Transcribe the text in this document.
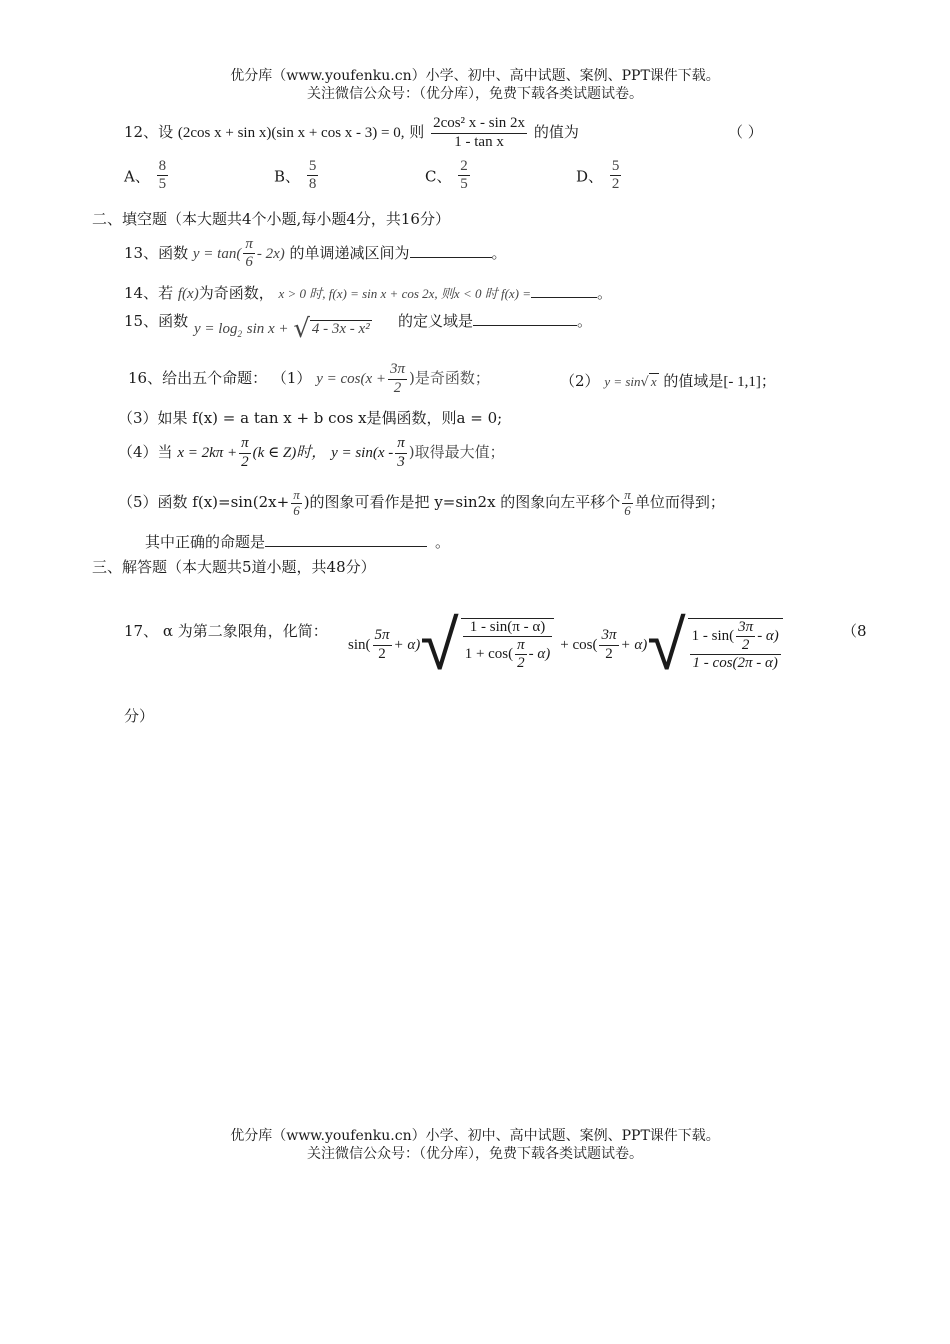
优分库（www.youfenku.cn）小学、初中、高中试题、案例、PPT课件下载。
关注微信公众号：（优分库），免费下载各类试题试卷。
12、设 (2cos x + sin x)(sin x + cos x - 3) = 0, 则 $\frac{\text{2cos² x - sin 2x}}{\text{1 - tan x}}$ 的值为	（ ）
A、 $\frac{8}{5}$	B、 $\frac{5}{8}$	C、 $\frac{2}{5}$	D、 $\frac{5}{2}$
二、填空题（本大题共4个小题,每小题4分，共16分）
13、函数 $y = \tan( \frac{\pi}{6} - 2x)$ 的单调递减区间为	。
14、若 f(x)为奇函数， x > 0 时, f(x) = sin x + cos 2x, 则x < 0 时 f(x) =	。
15、函数 $y = \log_2 \sin x$ + √ 4 - 3x - x² 的定义域是	。
16、给出五个命题： （1） $y = \cos(x + \frac{3\pi}{2}$ )是奇函数；	（2） y = sin√ x 的值域是[- 1,1]；
（3）如果 f(x) = a tan x + b cos x是偶函数，则a = 0;
（4）当 $x = 2k\pi + \frac{\pi}{2} (k$ ∈ Z)时， $y = \sin(x - \frac{\pi}{3}$ )取得最大值；
（5）函数 $f(x)=\sin(2x+ \frac{\pi}{6}$ )的图象可看作是把 y=sin2x 的图象向左平移个 $\frac{\pi}{6}$ 单位而得到；
其中正确的命题是	。
三、解答题（本大题共5道小题，共48分）
17、 α 为第二象限角，化简：
$\sin( \frac{5\pi}{2} + \alpha)$ √ $\frac{1 - \sin(\pi - \alpha)}{1 + \cos( \frac{\pi}{2} - \alpha)} + \cos( \frac{3\pi}{2} + \alpha)$ √ $\frac{1 - \sin( \frac{3\pi}{2} - \alpha)}{1 - \cos(2\pi - \alpha)}$	（8
分）
优分库（www.youfenku.cn）小学、初中、高中试题、案例、PPT课件下载。
关注微信公众号：（优分库），免费下载各类试题试卷。
